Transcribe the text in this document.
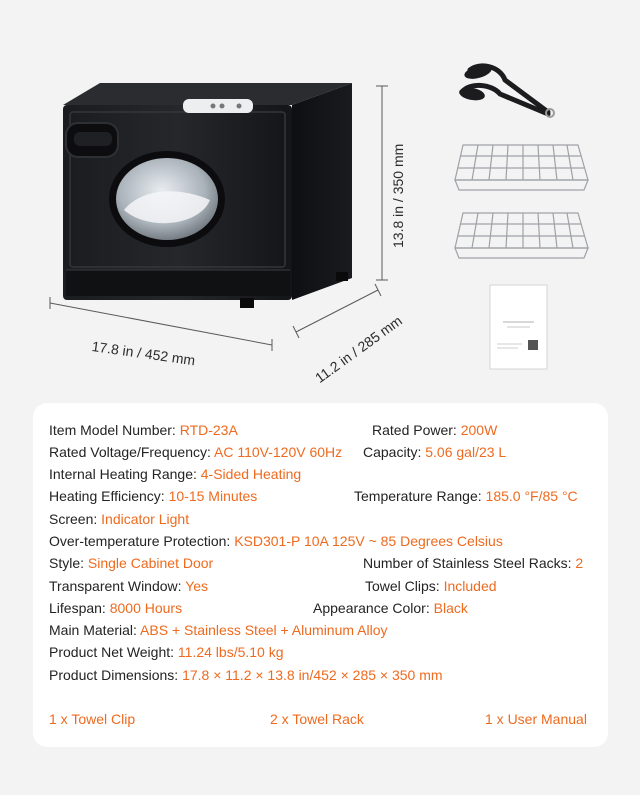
17.8 in / 452 mm	11.2 in / 285 mm
13.8 in / 350 mm
Item Model Number: RTD-23A	Rated Power: 200W
Rated Voltage/Frequency: AC 110V-120V 60Hz Capacity: 5.06 gal/23 L
Internal Heating Range: 4-Sided Heating
Heating Efficiency: 10-15 Minutes	Temperature Range: 185.0 °F/85 °C
Screen: Indicator Light
Over-temperature Protection: KSD301-P 10A 125V ~ 85 Degrees Celsius
Style: Single Cabinet Door	Number of Stainless Steel Racks: 2
Transparent Window: Yes	Towel Clips: Included
Lifespan: 8000 Hours	Appearance Color: Black
Main Material: ABS + Stainless Steel + Aluminum Alloy
Product Net Weight: 11.24 lbs/5.10 kg
Product Dimensions: 17.8 × 11.2 × 13.8 in/452 × 285 × 350 mm
1 x Towel Clip	2 x Towel Rack	1 x User Manual
